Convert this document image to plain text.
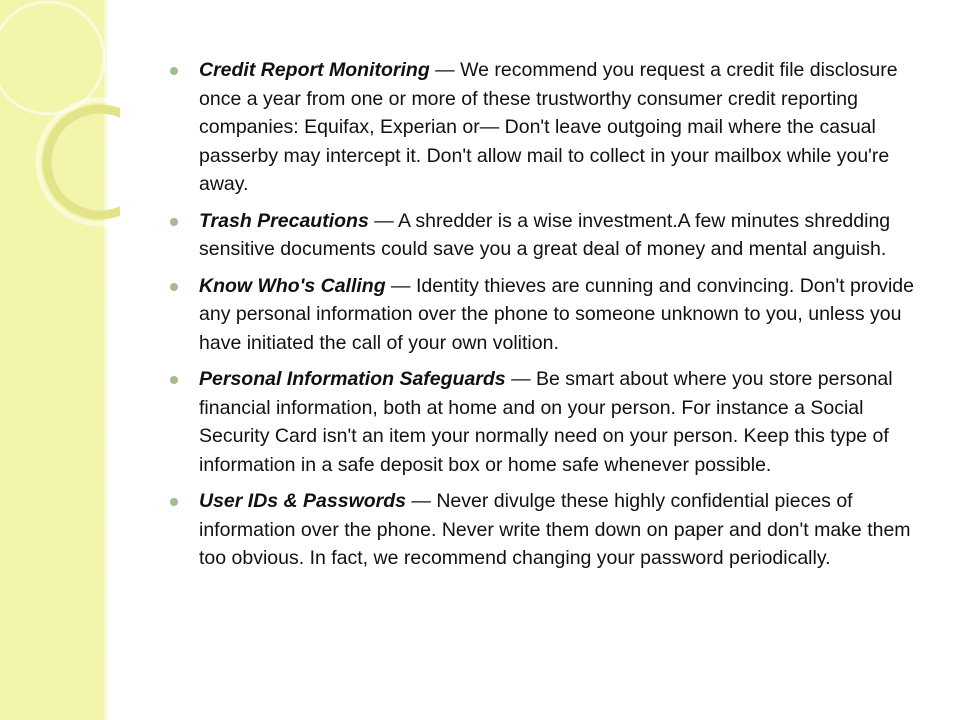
Credit Report Monitoring — We recommend you request a credit file disclosure once a year from one or more of these trustworthy consumer credit reporting companies: Equifax, Experian or— Don't leave outgoing mail where the casual passerby may intercept it. Don't allow mail to collect in your mailbox while you're away.
Trash Precautions — A shredder is a wise investment.A few minutes shredding sensitive documents could save you a great deal of money and mental anguish.
Know Who's Calling — Identity thieves are cunning and convincing. Don't provide any personal information over the phone to someone unknown to you, unless you have initiated the call of your own volition.
Personal Information Safeguards — Be smart about where you store personal financial information, both at home and on your person. For instance a Social Security Card isn't an item your normally need on your person. Keep this type of information in a safe deposit box or home safe whenever possible.
User IDs & Passwords — Never divulge these highly confidential pieces of information over the phone. Never write them down on paper and don't make them too obvious. In fact, we recommend changing your password periodically.
